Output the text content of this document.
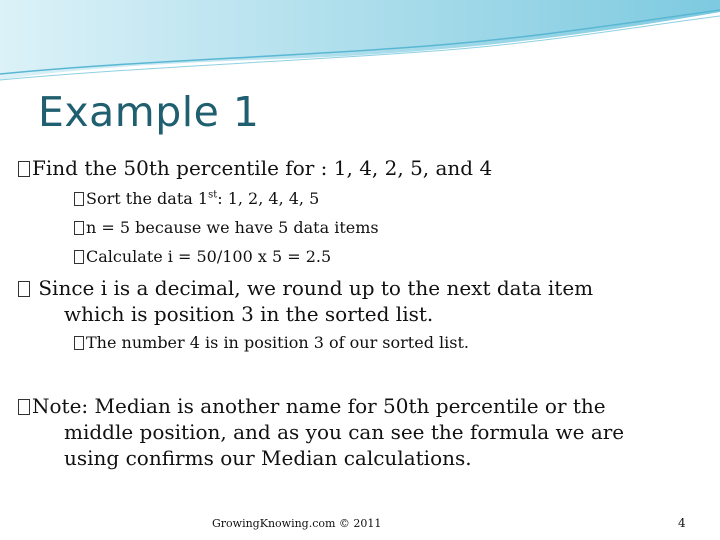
Example 1
Find the 50th percentile for : 1, 4, 2, 5, and 4
Sort the data 1st: 1, 2, 4, 4, 5
n = 5 because we have 5 data items
Calculate i = 50/100 x 5 = 2.5
Since i is a decimal, we round up to the next data item
which is position 3 in the sorted list.
The number 4 is in position 3 of our sorted list.
Note: Median is another name for 50th percentile or the
middle position, and as you can see the formula we are
using confirms our Median calculations.
GrowingKnowing.com © 2011	4
